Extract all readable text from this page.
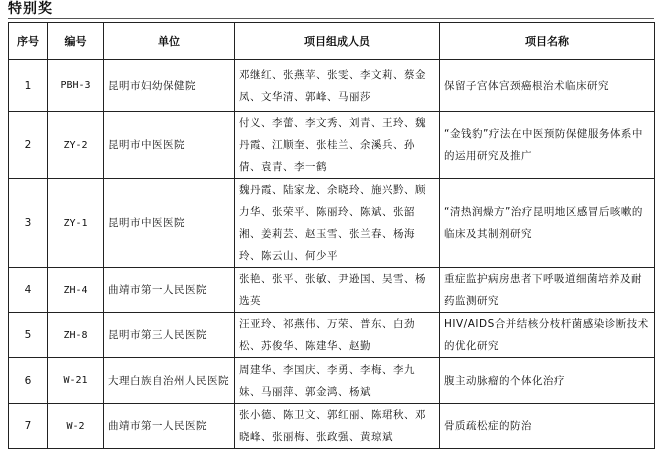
特别奖
序号	编号	单位	项目组成人员	项目名称
1	PBH-3	昆明市妇幼保健院	邓继红、张燕苹、张雯、李文莉、蔡金凤、文华清、郭峰、马丽莎	保留子宫体宫颈癌根治术临床研究
2	ZY-2	昆明市中医医院	付义、李蕾、李文秀、刘青、王玲、魏丹霞、江顺奎、张桂兰、余溪兵、孙倩、袁青、李一鹤	“金钱豹”疗法在中医预防保健服务体系中的运用研究及推广
3	ZY-1	昆明市中医医院	魏丹霞、陆家龙、余晓玲、施兴黔、顾力华、张荣平、陈丽玲、陈斌、张韶湘、姜莉芸、赵玉雪、张兰春、杨海玲、陈云山、何少平	“清热润燥方”治疗昆明地区感冒后咳嗽的临床及其制剂研究
4	ZH-4	曲靖市第一人民医院	张艳、张平、张敏、尹逊国、吴雪、杨选英	重症监护病房患者下呼吸道细菌培养及耐药监测研究
5	ZH-8	昆明市第三人民医院	汪亚玲、祁燕伟、万荣、普东、白劲松、苏俊华、陈建华、赵勤	HIV/AIDS合并结核分枝杆菌感染诊断技术的优化研究
6	W-21	大理白族自治州人民医院	周建华、李国庆、李勇、李梅、李九妹、马丽萍、郭金鸿、杨斌	腹主动脉瘤的个体化治疗
7	W-2	曲靖市第一人民医院	张小德、陈卫文、郭红丽、陈珺秋、邓晓峰、张丽梅、张政强、黄琼斌	骨质疏松症的防治
